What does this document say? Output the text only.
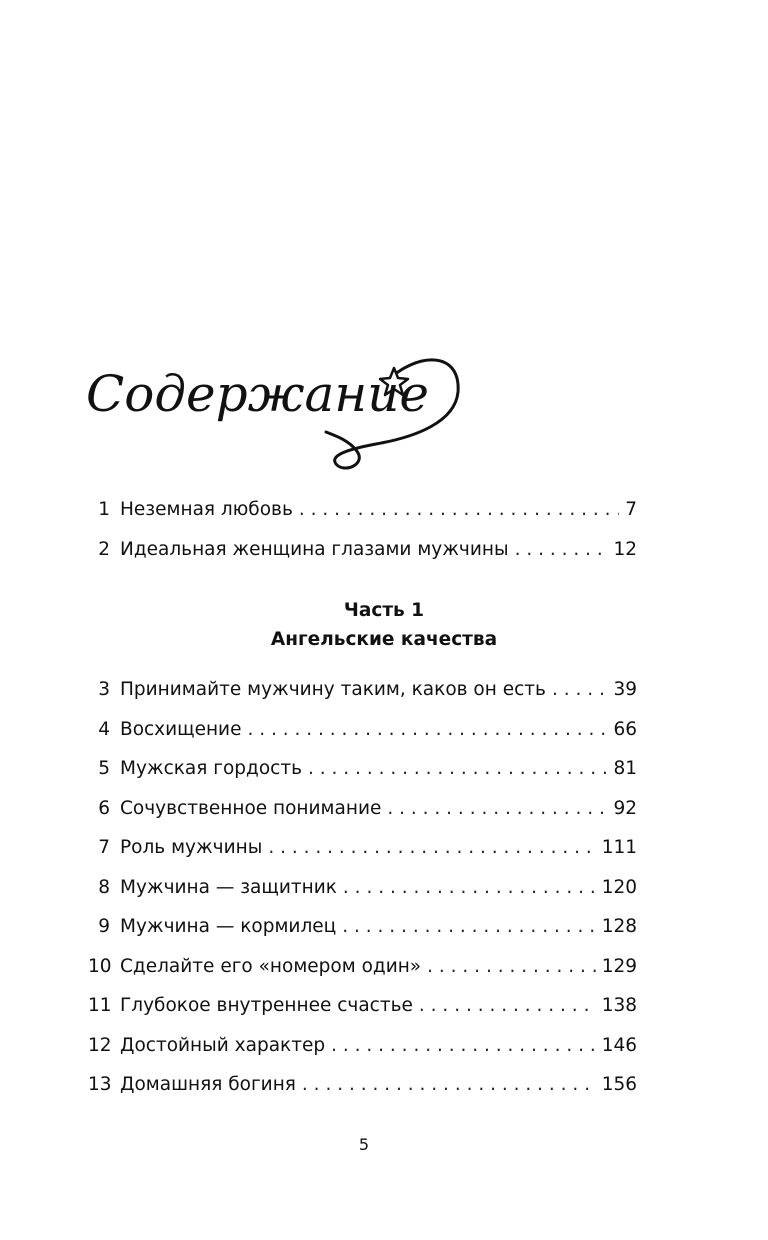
Содержание
1 Неземная любовь . . .	7
2 Идеальная женщина глазами мужчины . . .	12
Часть 1
Ангельские качества
3 Принимайте мужчину таким, каков он есть . . .	39
4 Восхищение . . .	66
5 Мужская гордость . . .	81
6 Сочувственное понимание . . .	92
7 Роль мужчины . . .	111
8 Мужчина — защитник . . .	120
9 Мужчина — кормилец . . .	128
10 Сделайте его «номером один» . . .	129
11 Глубокое внутреннее счастье . . .	138
12 Достойный характер . . .	146
13 Домашняя богиня . . .	156
5
